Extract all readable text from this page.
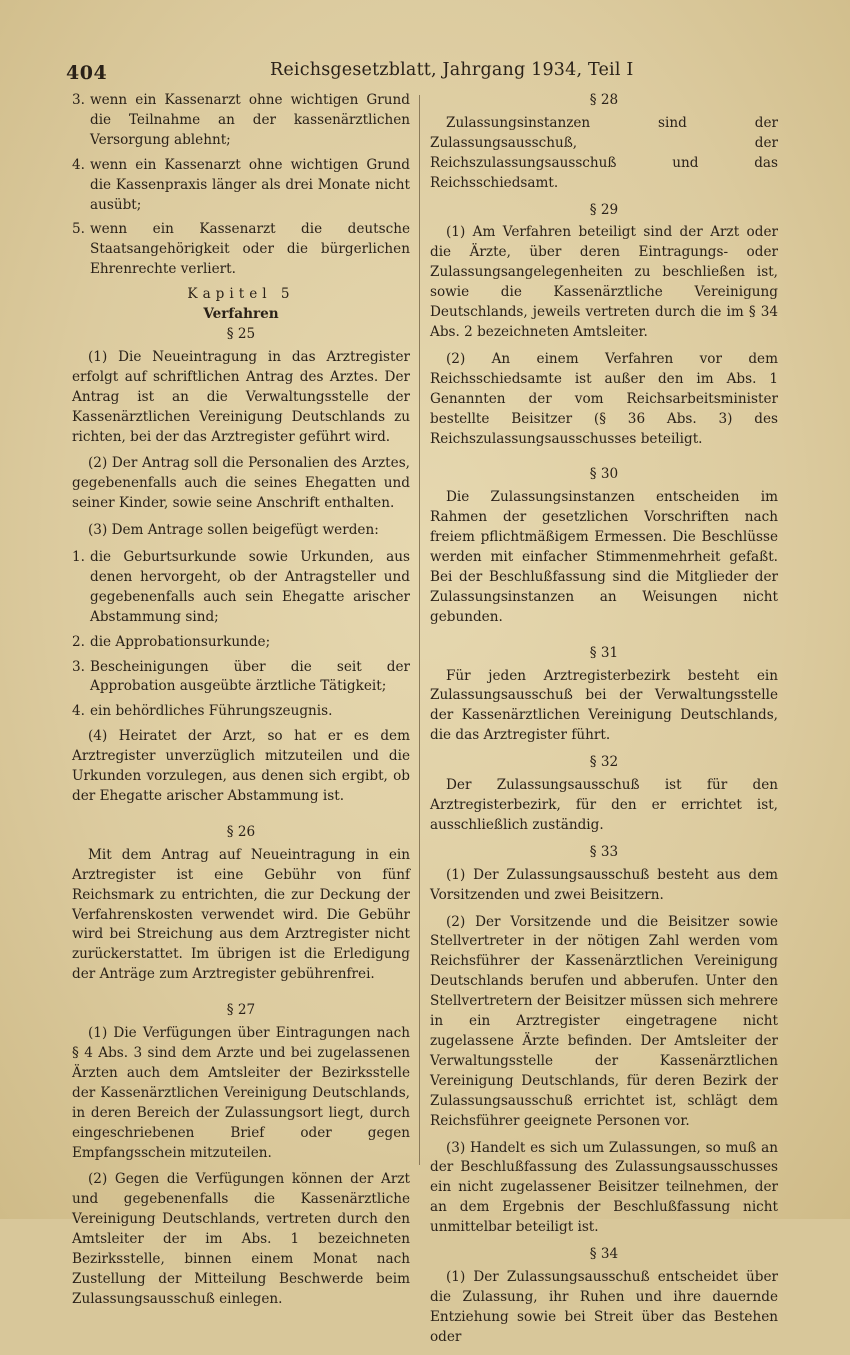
404	Reichsgesetzblatt, Jahrgang 1934, Teil I
3. wenn ein Kassenarzt ohne wichtigen Grund die Teilnahme an der kassenärztlichen Versorgung ablehnt;
4. wenn ein Kassenarzt ohne wichtigen Grund die Kassenpraxis länger als drei Monate nicht ausübt;
5. wenn ein Kassenarzt die deutsche Staatsangehörigkeit oder die bürgerlichen Ehrenrechte verliert.
Kapitel 5
Verfahren
§ 25

(1) Die Neueintragung in das Arztregister erfolgt auf schriftlichen Antrag des Arztes. Der Antrag ist an die Verwaltungsstelle der Kassenärztlichen Vereinigung Deutschlands zu richten, bei der das Arztregister geführt wird.

(2) Der Antrag soll die Personalien des Arztes, gegebenenfalls auch die seines Ehegatten und seiner Kinder, sowie seine Anschrift enthalten.

(3) Dem Antrage sollen beigefügt werden:

1. die Geburtsurkunde sowie Urkunden, aus denen hervorgeht, ob der Antragsteller und gegebenenfalls auch sein Ehegatte arischer Abstammung sind;
2. die Approbationsurkunde;
3. Bescheinigungen über die seit der Approbation ausgeübte ärztliche Tätigkeit;
4. ein behördliches Führungszeugnis.

(4) Heiratet der Arzt, so hat er es dem Arztregister unverzüglich mitzuteilen und die Urkunden vorzulegen, aus denen sich ergibt, ob der Ehegatte arischer Abstammung ist.

§ 26

Mit dem Antrag auf Neueintragung in ein Arztregister ist eine Gebühr von fünf Reichsmark zu entrichten, die zur Deckung der Verfahrenskosten verwendet wird. Die Gebühr wird bei Streichung aus dem Arztregister nicht zurückerstattet. Im übrigen ist die Erledigung der Anträge zum Arztregister gebührenfrei.

§ 27

(1) Die Verfügungen über Eintragungen nach § 4 Abs. 3 sind dem Arzte und bei zugelassenen Ärzten auch dem Amtsleiter der Bezirksstelle der Kassenärztlichen Vereinigung Deutschlands, in deren Bereich der Zulassungsort liegt, durch eingeschriebenen Brief oder gegen Empfangsschein mitzuteilen.

(2) Gegen die Verfügungen können der Arzt und gegebenenfalls die Kassenärztliche Vereinigung Deutschlands, vertreten durch den Amtsleiter der im Abs. 1 bezeichneten Bezirksstelle, binnen einem Monat nach Zustellung der Mitteilung Beschwerde beim Zulassungsausschuß einlegen.

§ 28

Zulassungsinstanzen sind der Zulassungsausschuß, der Reichszulassungsausschuß und das Reichsschiedsamt.

§ 29

(1) Am Verfahren beteiligt sind der Arzt oder die Ärzte, über deren Eintragungs- oder Zulassungsangelegenheiten zu beschließen ist, sowie die Kassenärztliche Vereinigung Deutschlands, jeweils vertreten durch die im § 34 Abs. 2 bezeichneten Amtsleiter.

(2) An einem Verfahren vor dem Reichsschiedsamte ist außer den im Abs. 1 Genannten der vom Reichsarbeitsminister bestellte Beisitzer (§ 36 Abs. 3) des Reichszulassungsausschusses beteiligt.

§ 30

Die Zulassungsinstanzen entscheiden im Rahmen der gesetzlichen Vorschriften nach freiem pflichtmäßigem Ermessen. Die Beschlüsse werden mit einfacher Stimmenmehrheit gefaßt. Bei der Beschlußfassung sind die Mitglieder der Zulassungsinstanzen an Weisungen nicht gebunden.

§ 31

Für jeden Arztregisterbezirk besteht ein Zulassungsausschuß bei der Verwaltungsstelle der Kassenärztlichen Vereinigung Deutschlands, die das Arztregister führt.

§ 32

Der Zulassungsausschuß ist für den Arztregisterbezirk, für den er errichtet ist, ausschließlich zuständig.

§ 33

(1) Der Zulassungsausschuß besteht aus dem Vorsitzenden und zwei Beisitzern.

(2) Der Vorsitzende und die Beisitzer sowie Stellvertreter in der nötigen Zahl werden vom Reichsführer der Kassenärztlichen Vereinigung Deutschlands berufen und abberufen. Unter den Stellvertretern der Beisitzer müssen sich mehrere in ein Arztregister eingetragene nicht zugelassene Ärzte befinden. Der Amtsleiter der Verwaltungsstelle der Kassenärztlichen Vereinigung Deutschlands, für deren Bezirk der Zulassungsausschuß errichtet ist, schlägt dem Reichsführer geeignete Personen vor.

(3) Handelt es sich um Zulassungen, so muß an der Beschlußfassung des Zulassungsausschusses ein nicht zugelassener Beisitzer teilnehmen, der an dem Ergebnis der Beschlußfassung nicht unmittelbar beteiligt ist.

§ 34

(1) Der Zulassungsausschuß entscheidet über die Zulassung, ihr Ruhen und ihre dauernde Entziehung sowie bei Streit über das Bestehen oder
